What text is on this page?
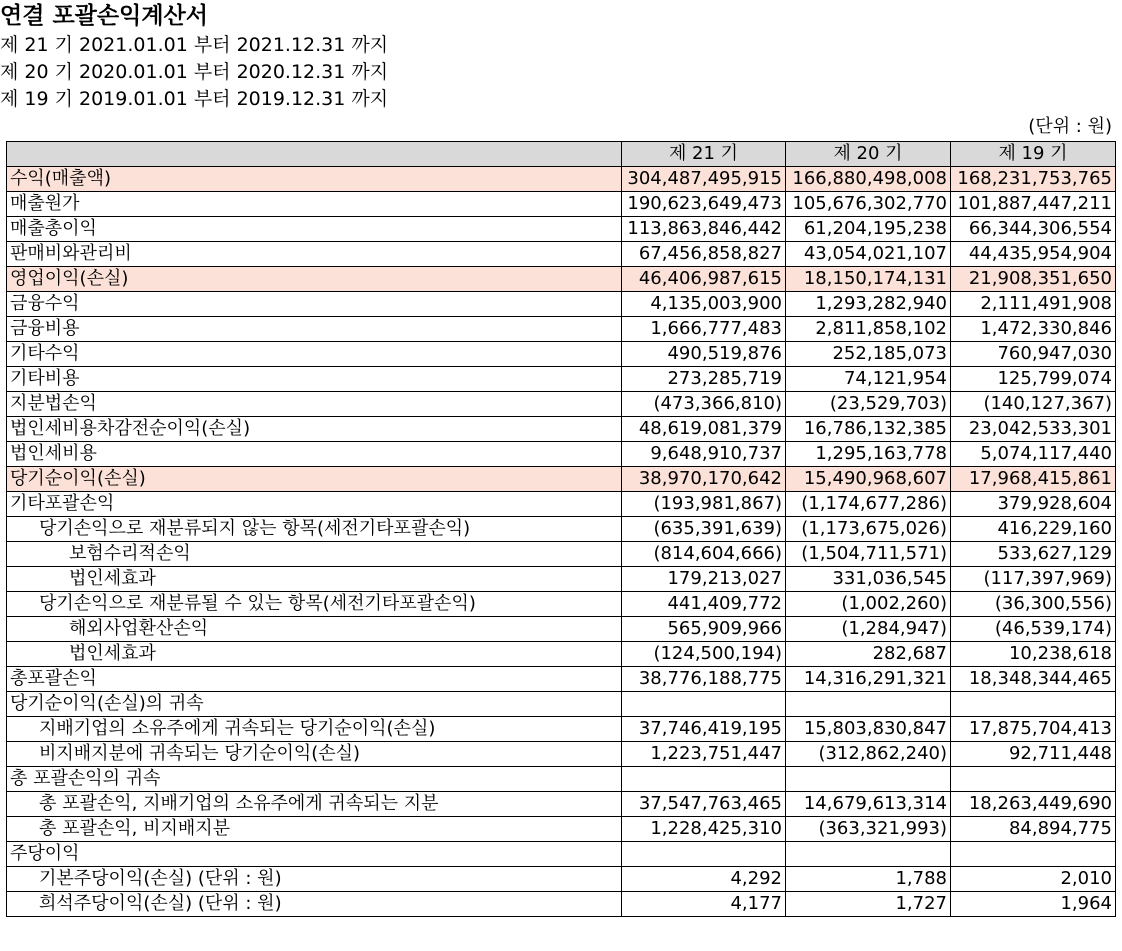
연결 포괄손익계산서
제 21 기 2021.01.01 부터 2021.12.31 까지
제 20 기 2020.01.01 부터 2020.12.31 까지
제 19 기 2019.01.01 부터 2019.12.31 까지
(단위 : 원)
	제 21 기	제 20 기	제 19 기
수익(매출액)	304,487,495,915	166,880,498,008	168,231,753,765
매출원가	190,623,649,473	105,676,302,770	101,887,447,211
매출총이익	113,863,846,442	61,204,195,238	66,344,306,554
판매비와관리비	67,456,858,827	43,054,021,107	44,435,954,904
영업이익(손실)	46,406,987,615	18,150,174,131	21,908,351,650
금융수익	4,135,003,900	1,293,282,940	2,111,491,908
금융비용	1,666,777,483	2,811,858,102	1,472,330,846
기타수익	490,519,876	252,185,073	760,947,030
기타비용	273,285,719	74,121,954	125,799,074
지분법손익	(473,366,810)	(23,529,703)	(140,127,367)
법인세비용차감전순이익(손실)	48,619,081,379	16,786,132,385	23,042,533,301
법인세비용	9,648,910,737	1,295,163,778	5,074,117,440
당기순이익(손실)	38,970,170,642	15,490,968,607	17,968,415,861
기타포괄손익	(193,981,867)	(1,174,677,286)	379,928,604
당기손익으로 재분류되지 않는 항목(세전기타포괄손익)	(635,391,639)	(1,173,675,026)	416,229,160
보험수리적손익	(814,604,666)	(1,504,711,571)	533,627,129
법인세효과	179,213,027	331,036,545	(117,397,969)
당기손익으로 재분류될 수 있는 항목(세전기타포괄손익)	441,409,772	(1,002,260)	(36,300,556)
해외사업환산손익	565,909,966	(1,284,947)	(46,539,174)
법인세효과	(124,500,194)	282,687	10,238,618
총포괄손익	38,776,188,775	14,316,291,321	18,348,344,465
당기순이익(손실)의 귀속			
지배기업의 소유주에게 귀속되는 당기순이익(손실)	37,746,419,195	15,803,830,847	17,875,704,413
비지배지분에 귀속되는 당기순이익(손실)	1,223,751,447	(312,862,240)	92,711,448
총 포괄손익의 귀속			
총 포괄손익, 지배기업의 소유주에게 귀속되는 지분	37,547,763,465	14,679,613,314	18,263,449,690
총 포괄손익, 비지배지분	1,228,425,310	(363,321,993)	84,894,775
주당이익			
기본주당이익(손실) (단위 : 원)	4,292	1,788	2,010
희석주당이익(손실) (단위 : 원)	4,177	1,727	1,964
